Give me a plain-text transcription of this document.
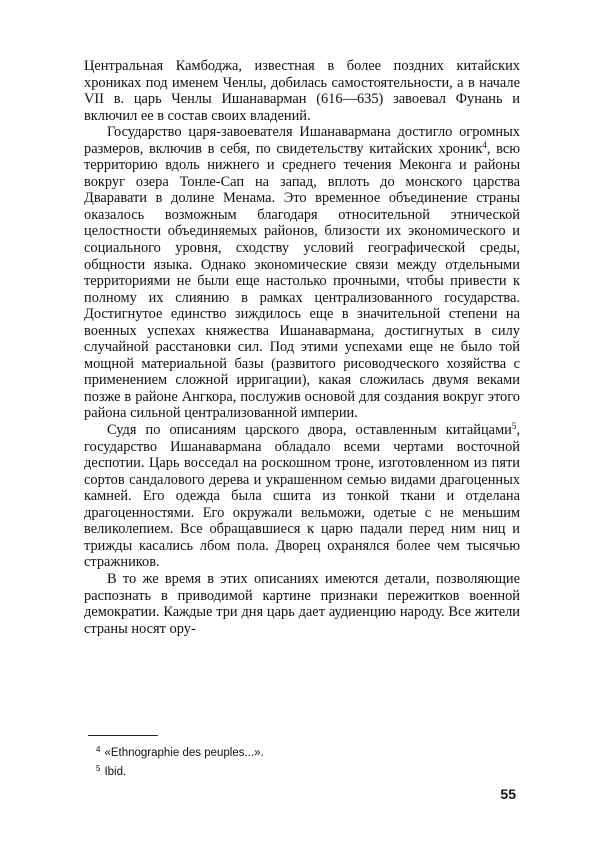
Центральная Камбоджа, известная в более поздних китайских хрониках под именем Ченлы, добилась самостоятельности, а в начале VII в. царь Ченлы Ишанаварман (616—635) завоевал Фунань и включил ее в состав своих владений.

Государство царя-завоевателя Ишанавармана достигло огромных размеров, включив в себя, по свидетельству китайских хроник$^4$, всю территорию вдоль нижнего и среднего течения Меконга и районы вокруг озера Тонле-Сап на запад, вплоть до монского царства Дваравати в долине Менама. Это временное объединение страны оказалось возможным благодаря относительной этнической целостности объединяемых районов, близости их экономического и социального уровня, сходству условий географической среды, общности языка. Однако экономические связи между отдельными территориями не были еще настолько прочными, чтобы привести к полному их слиянию в рамках централизованного государства. Достигнутое единство зиждилось еще в значительной степени на военных успехах княжества Ишанавармана, достигнутых в силу случайной расстановки сил. Под этими успехами еще не было той мощной материальной базы (развитого рисоводческого хозяйства с применением сложной ирригации), какая сложилась двумя веками позже в районе Ангкора, послужив основой для создания вокруг этого района сильной централизованной империи.

Судя по описаниям царского двора, оставленным китайцами$^5$, государство Ишанавармана обладало всеми чертами восточной деспотии. Царь восседал на роскошном троне, изготовленном из пяти сортов сандалового дерева и украшенном семью видами драгоценных камней. Его одежда была сшита из тонкой ткани и отделана драгоценностями. Его окружали вельможи, одетые с не меньшим великолепием. Все обращавшиеся к царю падали перед ним ниц и трижды касались лбом пола. Дворец охранялся более чем тысячью стражников.

В то же время в этих описаниях имеются детали, позволяющие распознать в приводимой картине признаки пережитков военной демократии. Каждые три дня царь дает аудиенцию народу. Все жители страны носят ору-

$^4$ «Ethnographie des peuples...».
$^5$ Ibid.
55
